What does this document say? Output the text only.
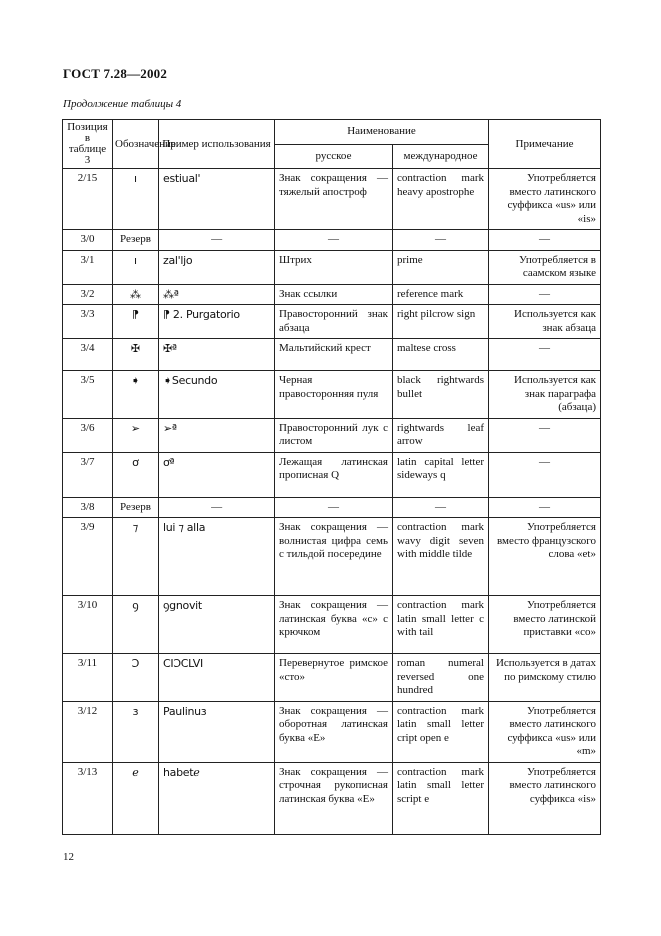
ГОСТ 7.28—2002
Продолжение таблицы 4
Позиция в таблице 3	Обозначение	Пример использования	Наименование		Примечание
			русское	международное	
2/15	ı	estiual'	Знак сокращения — тяжелый апостроф	contraction mark heavy apostrophe	Употребляется вместо латинского суффикса «us» или «is»
3/0	Резерв	—	—	—	—
3/1	ı	zal'ljo	Штрих	prime	Употребляется в саамском языке
3/2	⁂	⁂ª	Знак ссылки	reference mark	—
3/3	⁋	⁋ 2. Purgatorio	Правосторонний знак абзаца	right pilcrow sign	Используется как знак абзаца
3/4	✠	✠ª	Мальтийский крест	maltese cross	—
3/5	➧	➧Secundo	Черная правосторонняя пуля	black rightwards bullet	Используется как знак параграфа (абзаца)
3/6	➢	➢ª	Правосторонний лук с листом	rightwards leaf arrow	—
3/7	ơ	ơª	Лежащая латинская прописная Q	latin capital letter sideways q	—
3/8	Резерв	—	—	—	—
3/9	⁊	lui ⁊ alla	Знак сокращения — волнистая цифра семь с тильдой посередине	contraction mark wavy digit seven with middle tilde	Употребляется вместо французского слова «et»
3/10	ꝯ	ꝯgnovit	Знак сокращения — латинская буква «с» с крючком	contraction mark latin small letter c with tail	Употребляется вместо латинской приставки «co»
3/11	Ↄ	CIↃCLVI	Перевернутое римское «сто»	roman numeral reversed one hundred	Используется в датах по римскому стилю
3/12	ɜ	Paulinuɜ	Знак сокращения — оборотная латинская буква «Е»	contraction mark latin small letter cript open e	Употребляется вместо латинского суффикса «us» или «m»
3/13	ℯ	habetℯ	Знак сокращения — строчная рукописная латинская буква «Е»	contraction mark latin small letter script e	Употребляется вместо латинского суффикса «is»
12
